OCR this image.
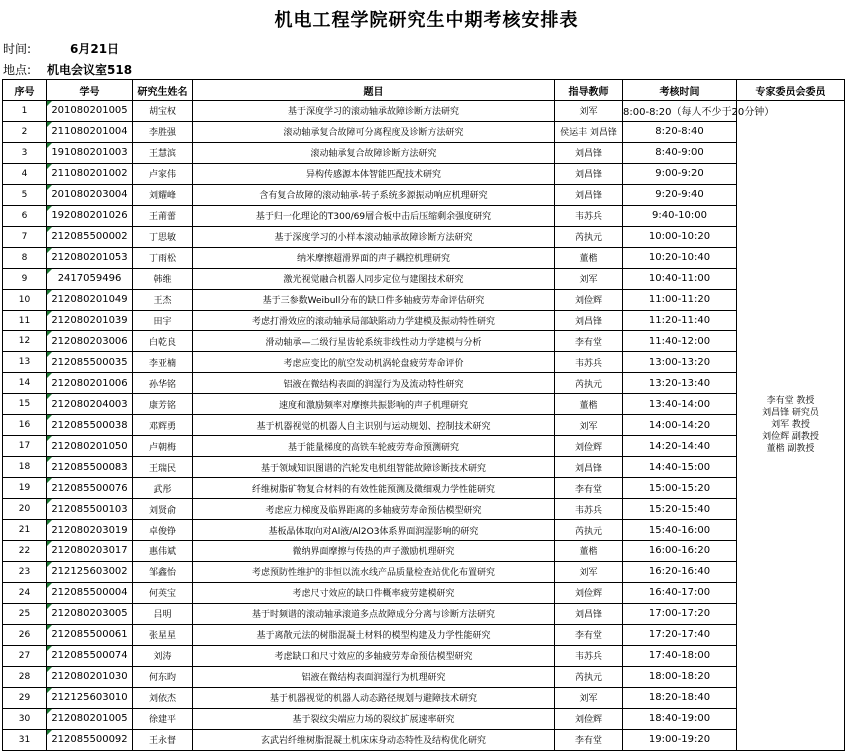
机电工程学院研究生中期考核安排表
时间:	6月21日
地点: 机电会议室518
序号	学号	研究生姓名	题目	指导教师	考核时间	专家委员会委员
1	201080201005	胡宝权	基于深度学习的滚动轴承故障诊断方法研究	刘军	8:00-8:20（每人不少于20分钟）	李有堂 教授
刘昌锋 研究员
刘军 教授
刘俭辉 副教授
董楷 副教授

2	211080201004	李胜强	滚动轴承复合故障可分离程度及诊断方法研究	侯运丰 刘昌锋	8:20-8:40	
3	191080201003	王慧滨	滚动轴承复合故障诊断方法研究	刘昌锋	8:40-9:00	
4	211080201002	卢家伟	异构传感源本体智能匹配技术研究	刘昌锋	9:00-9:20	
5	201080203004	刘耀峰	含有复合故障的滚动轴承-转子系统多源振动响应机理研究	刘昌锋	9:20-9:40	
6	192080201026	王莆蕾	基于归一化理论的T300/69層合板中击后压缩剩余强度研究	韦苏兵	9:40-10:00	
7	212085500002	丁思敏	基于深度学习的小样本滚动轴承故障诊断方法研究	芮执元	10:00-10:20	
8	212080201053	丁雨松	纳米摩擦超滑界面的声子耦控机理研究	董楷	10:20-10:40	
9	2417059496	韩维	激光视觉融合机器人同步定位与建图技术研究	刘军	10:40-11:00	
10	212080201049	王杰	基于三参数Weibull分布的缺口件多轴疲劳寿命评估研究	刘俭辉	11:00-11:20	
11	212080201039	田宇	考虑打滑效应的滚动轴承局部缺陷动力学建模及振动特性研究	刘昌锋	11:20-11:40	
12	212080203006	白乾良	滑动轴承—二级行星齿轮系统非线性动力学建模与分析	李有堂	11:40-12:00	
13	212085500035	李亚楠	考虑应变比的航空发动机涡轮盘疲劳寿命评价	韦苏兵	13:00-13:20	
14	212080201006	孙华铭	铝液在微结构表面的润湿行为及流动特性研究	芮执元	13:20-13:40	
15	212080204003	康芳铭	速度和激励频率对摩擦共振影响的声子机理研究	董楷	13:40-14:00	
16	212085500038	邓辉勇	基于机器视觉的机器人自主识别与运动规划、控制技术研究	刘军	14:00-14:20	
17	212080201050	卢朝梅	基于能量梯度的高铁车轮疲劳寿命预测研究	刘俭辉	14:20-14:40	
18	212085500083	王瑞民	基于领域知识图谱的汽轮发电机组智能故障诊断技术研究	刘昌锋	14:40-15:00	
19	212085500076	武彤	纤维树脂矿物复合材料的有效性能预测及微细观力学性能研究	李有堂	15:00-15:20	
20	212085500103	刘贤俞	考虑应力梯度及临界距离的多轴疲劳寿命预估模型研究	韦苏兵	15:20-15:40	
21	212080203019	卓俊铮	基板晶体取向对Al液/Al2O3体系界面润湿影响的研究	芮执元	15:40-16:00	
22	212080203017	惠伟斌	微纳界面摩擦与传热的声子激励机理研究	董楷	16:00-16:20	
23	212125603002	邹鑫怡	考虑预防性维护的非恒以流水线产品质量检查站优化布置研究	刘军	16:20-16:40	
24	212085500004	何英宝	考虑尺寸效应的缺口件概率疲劳建模研究	刘俭辉	16:40-17:00	
25	212080203005	吕明	基于时频谱的滚动轴承滚道多点故障成分分离与诊断方法研究	刘昌锋	17:00-17:20	
26	212085500061	张星星	基于离散元法的树脂混凝土材料的模型构建及力学性能研究	李有堂	17:20-17:40	
27	212085500074	刘涛	考虑缺口和尺寸效应的多轴疲劳寿命预估模型研究	韦苏兵	17:40-18:00	
28	212080201030	何东昀	铝液在微结构表面润湿行为机理研究	芮执元	18:00-18:20	
29	212125603010	刘依杰	基于机器视觉的机器人动态路径规划与避障技术研究	刘军	18:20-18:40	
30	212080201005	徐建平	基于裂纹尖端应力场的裂纹扩展速率研究	刘俭辉	18:40-19:00	
31	212085500092	王永督	玄武岩纤维树脂混凝土机床床身动态特性及结构优化研究	李有堂	19:00-19:20	
